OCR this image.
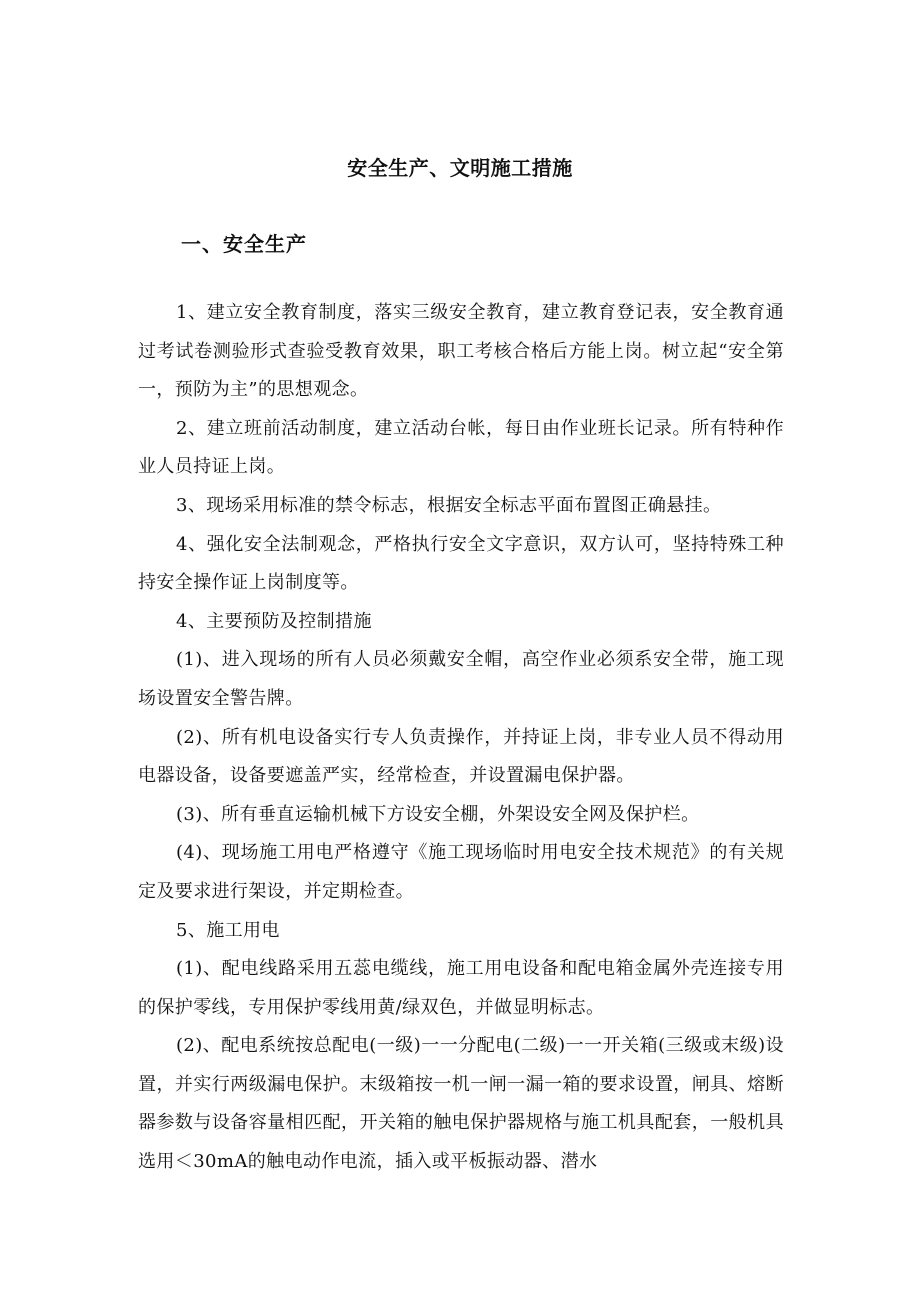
安全生产、文明施工措施
一、安全生产

1、建立安全教育制度，落实三级安全教育，建立教育登记表，安全教育通过考试卷测验形式查验受教育效果，职工考核合格后方能上岗。树立起“安全第一，预防为主”的思想观念。

2、建立班前活动制度，建立活动台帐，每日由作业班长记录。所有特种作业人员持证上岗。

3、现场采用标准的禁令标志，根据安全标志平面布置图正确悬挂。

4、强化安全法制观念，严格执行安全文字意识，双方认可，坚持特殊工种持安全操作证上岗制度等。

4、主要预防及控制措施

(1)、进入现场的所有人员必须戴安全帽，高空作业必须系安全带，施工现场设置安全警告牌。

(2)、所有机电设备实行专人负责操作，并持证上岗，非专业人员不得动用电器设备，设备要遮盖严实，经常检查，并设置漏电保护器。

(3)、所有垂直运输机械下方设安全棚，外架设安全网及保护栏。

(4)、现场施工用电严格遵守《施工现场临时用电安全技术规范》的有关规定及要求进行架设，并定期检查。

5、施工用电

(1)、配电线路采用五蕊电缆线，施工用电设备和配电箱金属外壳连接专用的保护零线，专用保护零线用黄/绿双色，并做显明标志。

(2)、配电系统按总配电(一级)一一分配电(二级)一一开关箱(三级或末级)设置，并实行两级漏电保护。末级箱按一机一闸一漏一箱的要求设置，闸具、熔断器参数与设备容量相匹配，开关箱的触电保护器规格与施工机具配套，一般机具选用＜30mA的触电动作电流，插入或平板振动器、潜水
